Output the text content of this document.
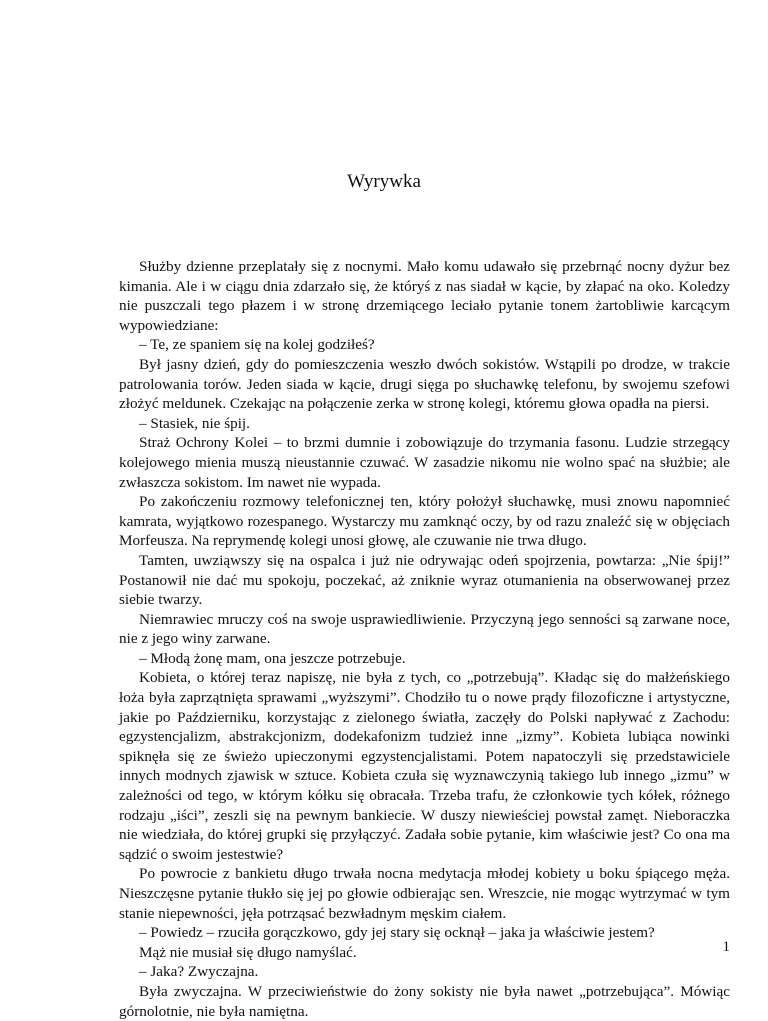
Wyrywka

Służby dzienne przeplatały się z nocnymi. Mało komu udawało się przebrnąć nocny dyżur bez kimania. Ale i w ciągu dnia zdarzało się, że któryś z nas siadał w kącie, by złapać na oko. Koledzy nie puszczali tego płazem i w stronę drzemiącego leciało pytanie tonem żartobliwie karcącym wypowiedziane:

– Te, ze spaniem się na kolej godziłeś?

Był jasny dzień, gdy do pomieszczenia weszło dwóch sokistów. Wstąpili po drodze, w trakcie patrolowania torów. Jeden siada w kącie, drugi sięga po słuchawkę telefonu, by swojemu szefowi złożyć meldunek. Czekając na połączenie zerka w stronę kolegi, któremu głowa opadła na piersi.

– Stasiek, nie śpij.

Straż Ochrony Kolei – to brzmi dumnie i zobowiązuje do trzymania fasonu. Ludzie strzegący kolejowego mienia muszą nieustannie czuwać. W zasadzie nikomu nie wolno spać na służbie; ale zwłaszcza sokistom. Im nawet nie wypada.

Po zakończeniu rozmowy telefonicznej ten, który położył słuchawkę, musi znowu napomnieć kamrata, wyjątkowo rozespanego. Wystarczy mu zamknąć oczy, by od razu znaleźć się w objęciach Morfeusza. Na reprymendę kolegi unosi głowę, ale czuwanie nie trwa długo.

Tamten, uwziąwszy się na ospalca i już nie odrywając odeń spojrzenia, powtarza: „Nie śpij!” Postanowił nie dać mu spokoju, poczekać, aż zniknie wyraz otumanienia na obserwowanej przez siebie twarzy.

Niemrawiec mruczy coś na swoje usprawiedliwienie. Przyczyną jego senności są zarwane noce, nie z jego winy zarwane.

– Młodą żonę mam, ona jeszcze potrzebuje.

Kobieta, o której teraz napiszę, nie była z tych, co „potrzebują”. Kładąc się do małżeńskiego łoża była zaprzątnięta sprawami „wyższymi”. Chodziło tu o nowe prądy filozoficzne i artystyczne, jakie po Październiku, korzystając z zielonego światła, zaczęły do Polski napływać z Zachodu: egzystencjalizm, abstrakcjonizm, dodekafonizm tudzież inne „izmy”. Kobieta lubiąca nowinki spiknęła się ze świeżo upieczonymi egzystencjalistami. Potem napatoczyli się przedstawiciele innych modnych zjawisk w sztuce. Kobieta czuła się wyznawczynią takiego lub innego „izmu” w zależności od tego, w którym kółku się obracała. Trzeba trafu, że członkowie tych kółek, różnego rodzaju „iści”, zeszli się na pewnym bankiecie. W duszy niewieściej powstał zamęt. Nieboraczka nie wiedziała, do której grupki się przyłączyć. Zadała sobie pytanie, kim właściwie jest? Co ona ma sądzić o swoim jestestwie?

Po powrocie z bankietu długo trwała nocna medytacja młodej kobiety u boku śpiącego męża. Nieszczęsne pytanie tłukło się jej po głowie odbierając sen. Wreszcie, nie mogąc wytrzymać w tym stanie niepewności, jęła potrząsać bezwładnym męskim ciałem.

– Powiedz – rzuciła gorączkowo, gdy jej stary się ocknął – jaka ja właściwie jestem?

Mąż nie musiał się długo namyślać.

– Jaka? Zwyczajna.

Była zwyczajna. W przeciwieństwie do żony sokisty nie była nawet „potrzebująca”. Mówiąc górnolotnie, nie była namiętna.

1
